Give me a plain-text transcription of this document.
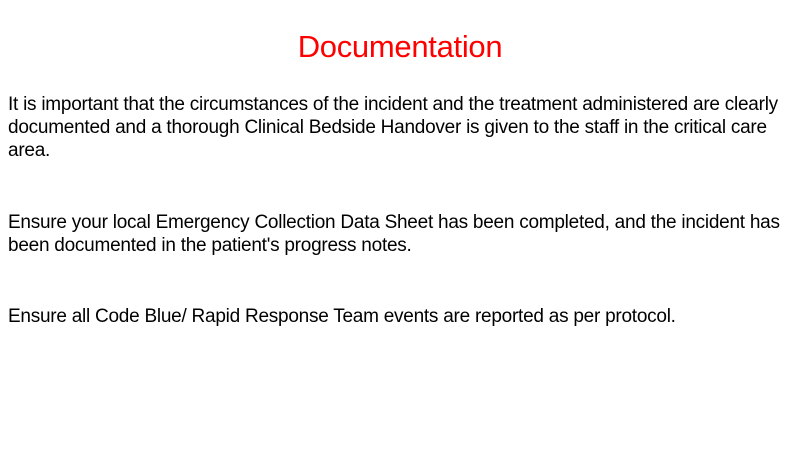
Documentation

It is important that the circumstances of the incident and the treatment administered are clearly documented and a thorough Clinical Bedside Handover is given to the staff in the critical care area.

Ensure your local Emergency Collection Data Sheet has been completed, and the incident has been documented in the patient's progress notes.

Ensure all Code Blue/ Rapid Response Team events are reported as per protocol.
